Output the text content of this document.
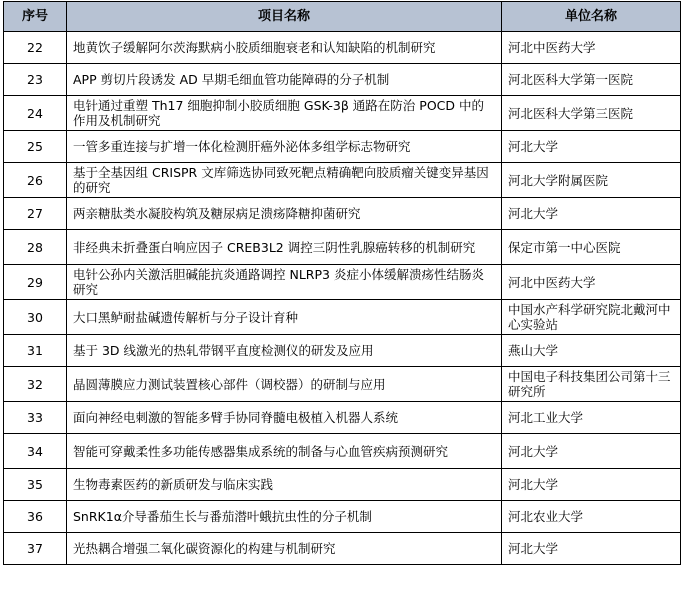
序号	项目名称	单位名称
22	地黄饮子缓解阿尔茨海默病小胶质细胞衰老和认知缺陷的机制研究	河北中医药大学
23	APP 剪切片段诱发 AD 早期毛细血管功能障碍的分子机制	河北医科大学第一医院
24	电针通过重塑 Th17 细胞抑制小胶质细胞 GSK-3β 通路在防治 POCD 中的作用及机制研究	河北医科大学第三医院
25	一管多重连接与扩增一体化检测肝癌外泌体多组学标志物研究	河北大学
26	基于全基因组 CRISPR 文库筛选协同致死靶点精确靶向胶质瘤关键变异基因的研究	河北大学附属医院
27	两亲糖肽类水凝胶构筑及糖尿病足溃疡降糖抑菌研究	河北大学
28	非经典未折叠蛋白响应因子 CREB3L2 调控三阴性乳腺癌转移的机制研究	保定市第一中心医院
29	电针公孙内关激活胆碱能抗炎通路调控 NLRP3 炎症小体缓解溃疡性结肠炎研究	河北中医药大学
30	大口黑鲈耐盐碱遗传解析与分子设计育种	中国水产科学研究院北戴河中心实验站
31	基于 3D 线激光的热轧带钢平直度检测仪的研发及应用	燕山大学
32	晶圆薄膜应力测试装置核心部件（调校器）的研制与应用	中国电子科技集团公司第十三研究所
33	面向神经电刺激的智能多臂手协同脊髓电极植入机器人系统	河北工业大学
34	智能可穿戴柔性多功能传感器集成系统的制备与心血管疾病预测研究	河北大学
35	生物毒素医药的新质研发与临床实践	河北大学
36	SnRK1α介导番茄生长与番茄潜叶蛾抗虫性的分子机制	河北农业大学
37	光热耦合增强二氧化碳资源化的构建与机制研究	河北大学
